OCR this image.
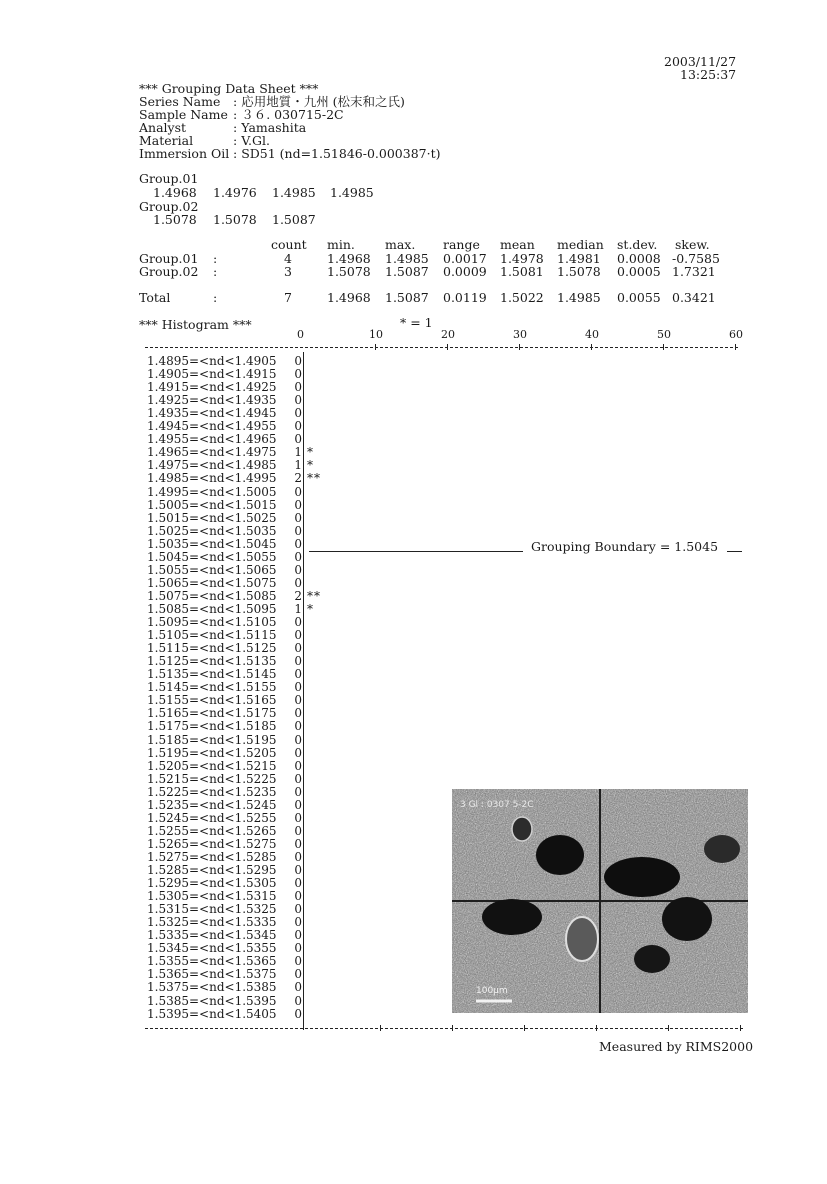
2003/11/27
13:25:37
*** Grouping Data Sheet ***
Series Name : 応用地質・九州 (松末和之氏)
Sample Name : ３６. 030715-2C
Analyst	: Yamashita
Material	: V.Gl.
Immersion Oil : SD51 (nd=1.51846-0.000387·t)
Group.01
1.4968 1.4976 1.4985 1.4985
Group.02
1.5078 1.5078 1.5087
count min. max. range mean median st.dev. skew.
Group.01 :	4	1.4968 1.4985 0.0017 1.4978 1.4981 0.0008 -0.7585
Group.02 :	3	1.5078 1.5087 0.0009 1.5081 1.5078 0.0005 1.7321
Total	:	7	1.4968 1.5087 0.0119 1.5022 1.4985 0.0055 0.3421
*** Histogram ***	* = 1
0	10	20	30	40	50	60
1.4895=<nd<1.4905 0
1.4905=<nd<1.4915 0
1.4915=<nd<1.4925 0
1.4925=<nd<1.4935 0
1.4935=<nd<1.4945 0
1.4945=<nd<1.4955 0
1.4955=<nd<1.4965 0
1.4965=<nd<1.4975 1 *
1.4975=<nd<1.4985 1 *
1.4985=<nd<1.4995 2 **
1.4995=<nd<1.5005 0
1.5005=<nd<1.5015 0
1.5015=<nd<1.5025 0
1.5025=<nd<1.5035 0
1.5035=<nd<1.5045 0
1.5045=<nd<1.5055 0
1.5055=<nd<1.5065 0
1.5065=<nd<1.5075 0
1.5075=<nd<1.5085 2 **
1.5085=<nd<1.5095 1 *
1.5095=<nd<1.5105 0
1.5105=<nd<1.5115 0
1.5115=<nd<1.5125 0
1.5125=<nd<1.5135 0
1.5135=<nd<1.5145 0
1.5145=<nd<1.5155 0
1.5155=<nd<1.5165 0
1.5165=<nd<1.5175 0
1.5175=<nd<1.5185 0
1.5185=<nd<1.5195 0
1.5195=<nd<1.5205 0
1.5205=<nd<1.5215 0
1.5215=<nd<1.5225 0
1.5225=<nd<1.5235 0
1.5235=<nd<1.5245 0
1.5245=<nd<1.5255 0
1.5255=<nd<1.5265 0
1.5265=<nd<1.5275 0
1.5275=<nd<1.5285 0
1.5285=<nd<1.5295 0
1.5295=<nd<1.5305 0
1.5305=<nd<1.5315 0
1.5315=<nd<1.5325 0
1.5325=<nd<1.5335 0
1.5335=<nd<1.5345 0
1.5345=<nd<1.5355 0
1.5355=<nd<1.5365 0
1.5365=<nd<1.5375 0
1.5375=<nd<1.5385 0
1.5385=<nd<1.5395 0
1.5395=<nd<1.5405 0
Grouping Boundary = 1.5045
3 Gl : 0307 5-2C
100μm
Measured by RIMS2000
